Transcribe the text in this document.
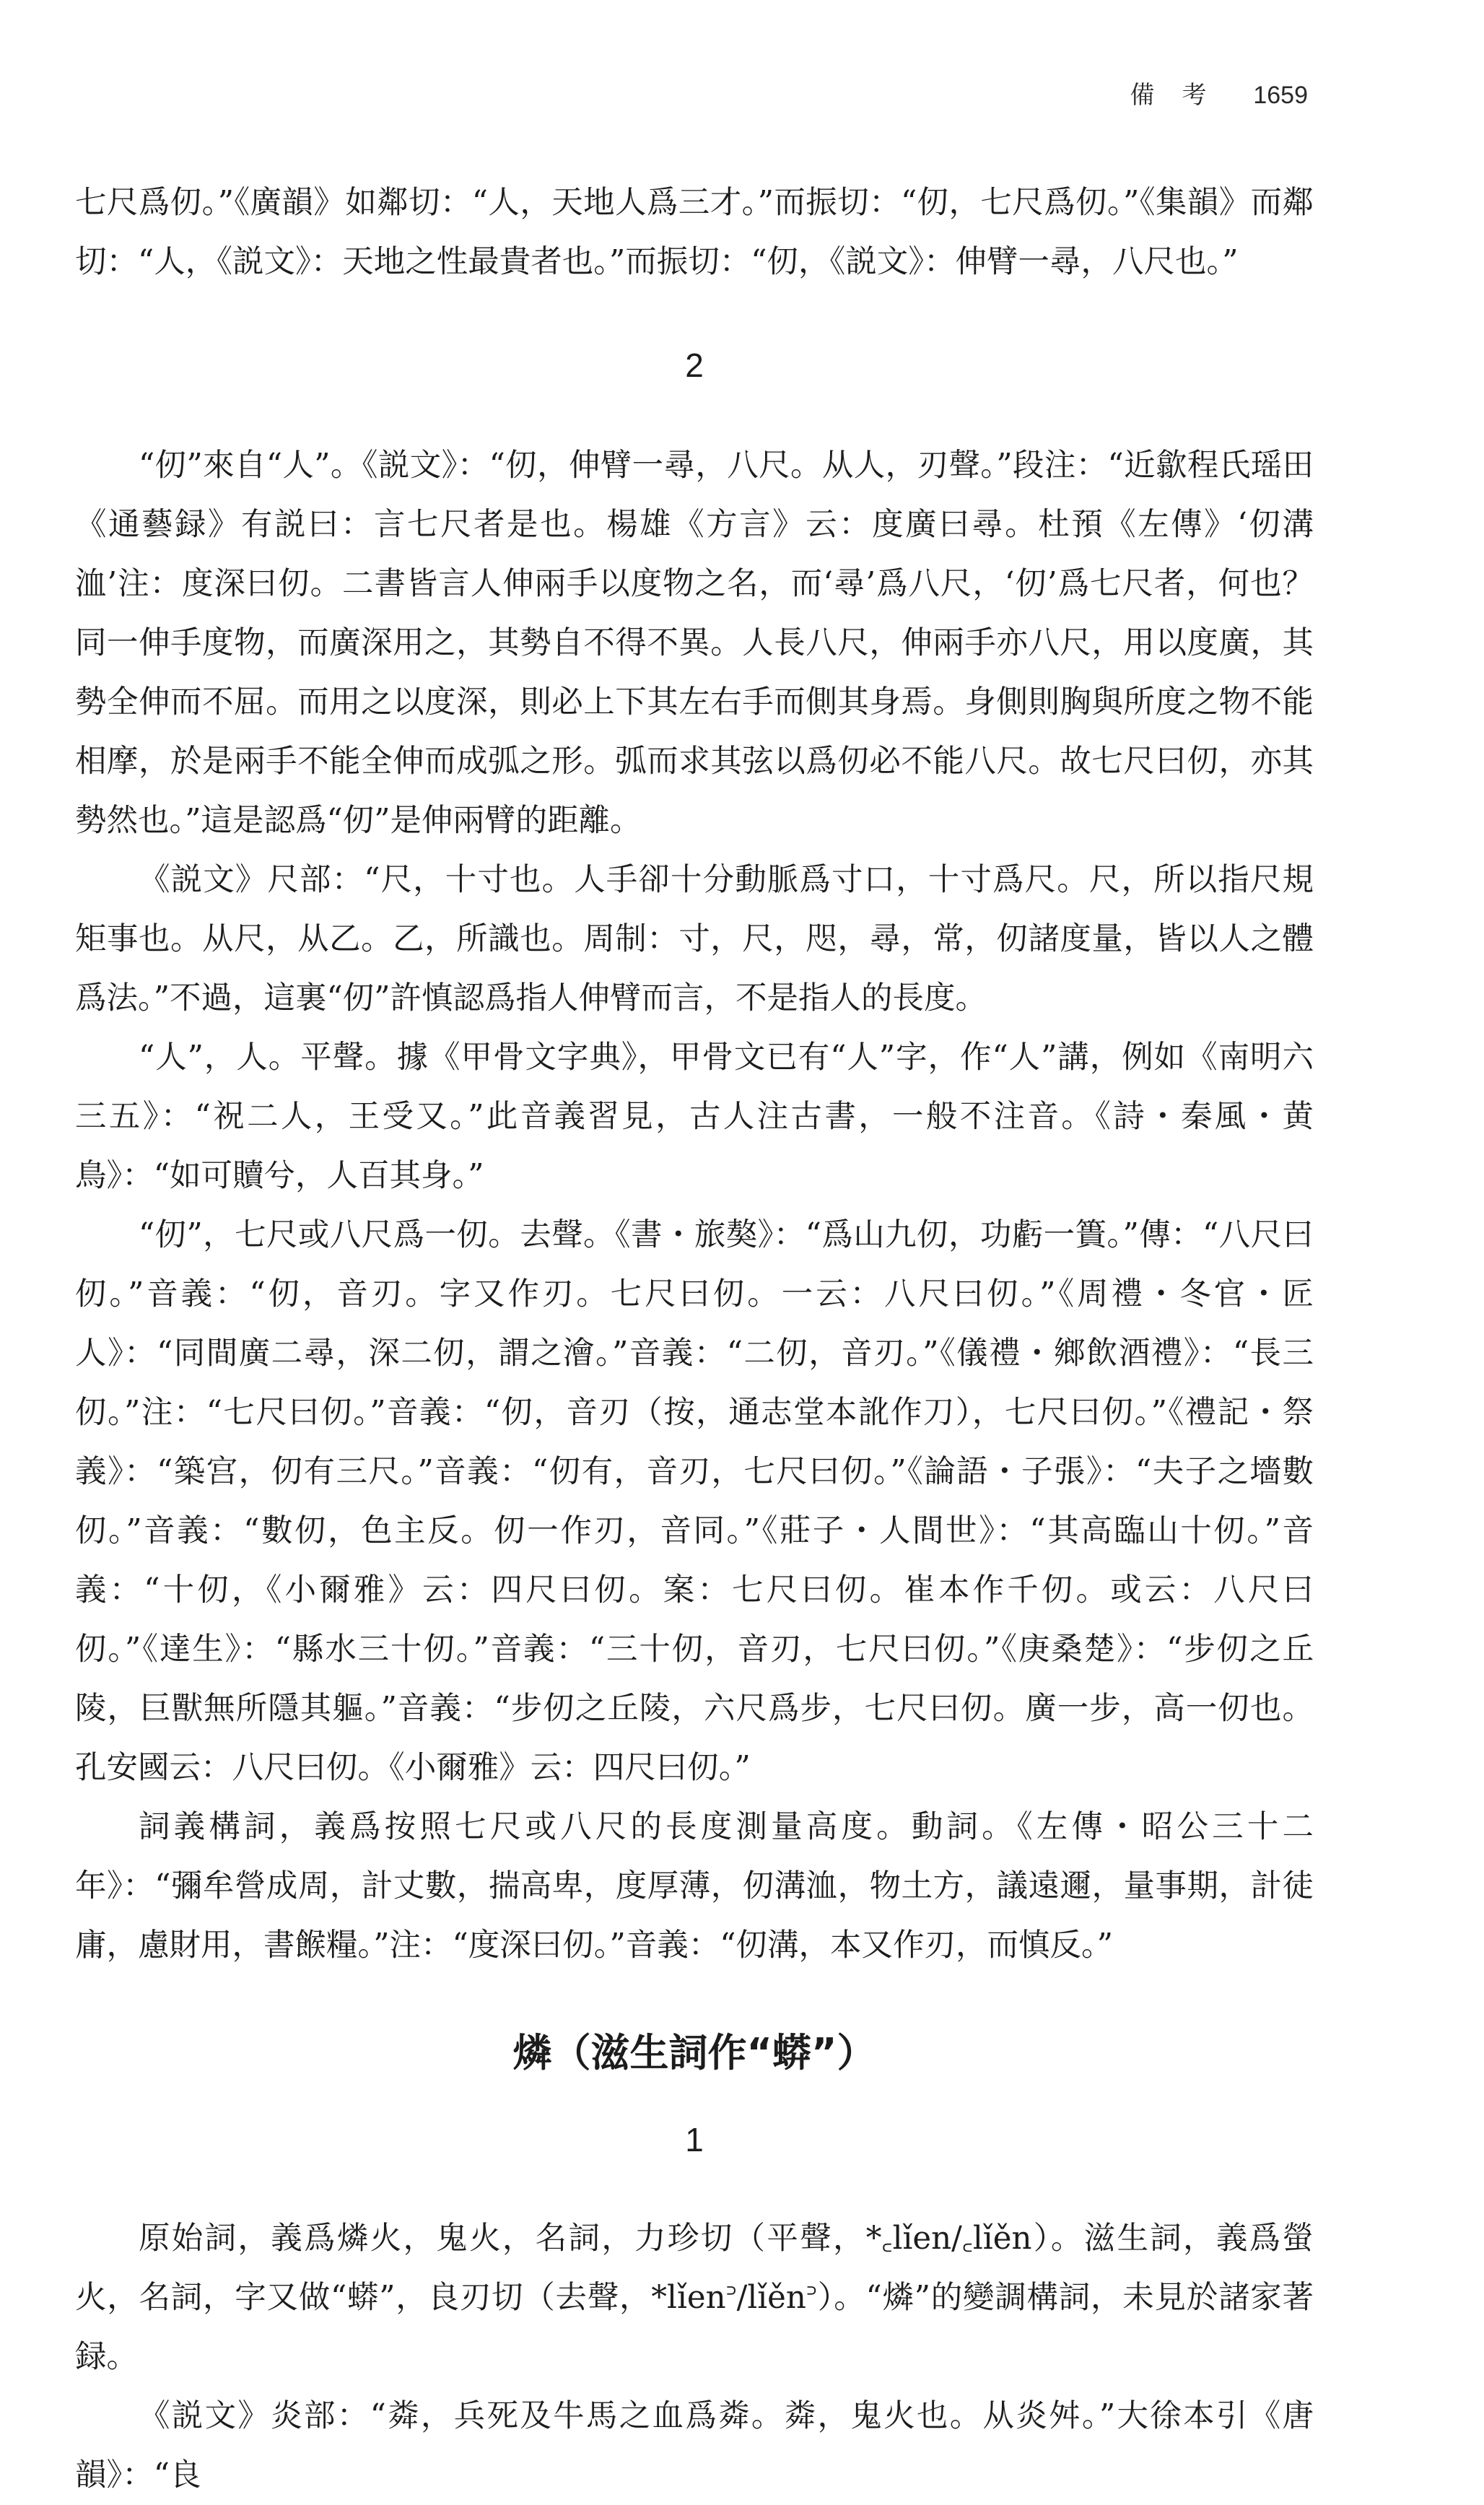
備考 1659

七尺爲仞。”《廣韻》如鄰切：“人，天地人爲三才。”而振切：“仞，七尺爲仞。”《集韻》而鄰切：“人，《説文》：天地之性最貴者也。”而振切：“仞，《説文》：伸臂一尋，八尺也。”

2

“仞”來自“人”。《説文》：“仞，伸臂一尋，八尺。从人，刃聲。”段注：“近歙程氏瑶田《通藝録》有説曰：言七尺者是也。楊雄《方言》云：度廣曰尋。杜預《左傳》‘仞溝洫’注：度深曰仞。二書皆言人伸兩手以度物之名，而‘尋’爲八尺，‘仞’爲七尺者，何也？同一伸手度物，而廣深用之，其勢自不得不異。人長八尺，伸兩手亦八尺，用以度廣，其勢全伸而不屈。而用之以度深，則必上下其左右手而側其身焉。身側則胸與所度之物不能相摩，於是兩手不能全伸而成弧之形。弧而求其弦以爲仞必不能八尺。故七尺曰仞，亦其勢然也。”這是認爲“仞”是伸兩臂的距離。

《説文》尺部：“尺，十寸也。人手卻十分動脈爲寸口，十寸爲尺。尺，所以指尺規矩事也。从尺，从乙。乙，所識也。周制：寸，尺，咫，尋，常，仞諸度量，皆以人之體爲法。”不過，這裏“仞”許慎認爲指人伸臂而言，不是指人的長度。

“人”，人。平聲。據《甲骨文字典》，甲骨文已有“人”字，作“人”講，例如《南明六三五》：“祝二人，王受又。”此音義習見，古人注古書，一般不注音。《詩・秦風・黄鳥》：“如可贖兮，人百其身。”

“仞”，七尺或八尺爲一仞。去聲。《書・旅獒》：“爲山九仞，功虧一簣。”傳：“八尺曰仞。”音義：“仞，音刃。字又作刃。七尺曰仞。一云：八尺曰仞。”《周禮・冬官・匠人》：“同間廣二尋，深二仞，謂之澮。”音義：“二仞，音刃。”《儀禮・鄉飲酒禮》：“長三仞。”注：“七尺曰仞。”音義：“仞，音刃（按，通志堂本訛作刀），七尺曰仞。”《禮記・祭義》：“築宫，仞有三尺。”音義：“仞有，音刃，七尺曰仞。”《論語・子張》：“夫子之墻數仞。”音義：“數仞，色主反。仞一作刃，音同。”《莊子・人間世》：“其高臨山十仞。”音義：“十仞，《小爾雅》云：四尺曰仞。案：七尺曰仞。崔本作千仞。或云：八尺曰仞。”《達生》：“縣水三十仞。”音義：“三十仞，音刃，七尺曰仞。”《庚桑楚》：“步仞之丘陵，巨獸無所隱其軀。”音義：“步仞之丘陵，六尺爲步，七尺曰仞。廣一步，高一仞也。孔安國云：八尺曰仞。《小爾雅》云：四尺曰仞。”

詞義構詞，義爲按照七尺或八尺的長度測量高度。動詞。《左傳・昭公三十二年》：“彌牟營成周，計丈數，揣高卑，度厚薄，仞溝洫，物土方，議遠邇，量事期，計徒庸，慮財用，書餱糧。”注：“度深曰仞。”音義：“仞溝，本又作刃，而慎反。”

燐（滋生詞作“蟒”）
1

原始詞，義爲燐火，鬼火，名詞，力珍切（平聲，*꜀lǐen/꜀lǐěn）。滋生詞，義爲螢火，名詞，字又做“蟒”，良刃切（去聲，*lǐen꜄/lǐěn꜄）。“燐”的變調構詞，未見於諸家著録。

《説文》炎部：“粦，兵死及牛馬之血爲粦。粦，鬼火也。从炎舛。”大徐本引《唐韻》：“良
